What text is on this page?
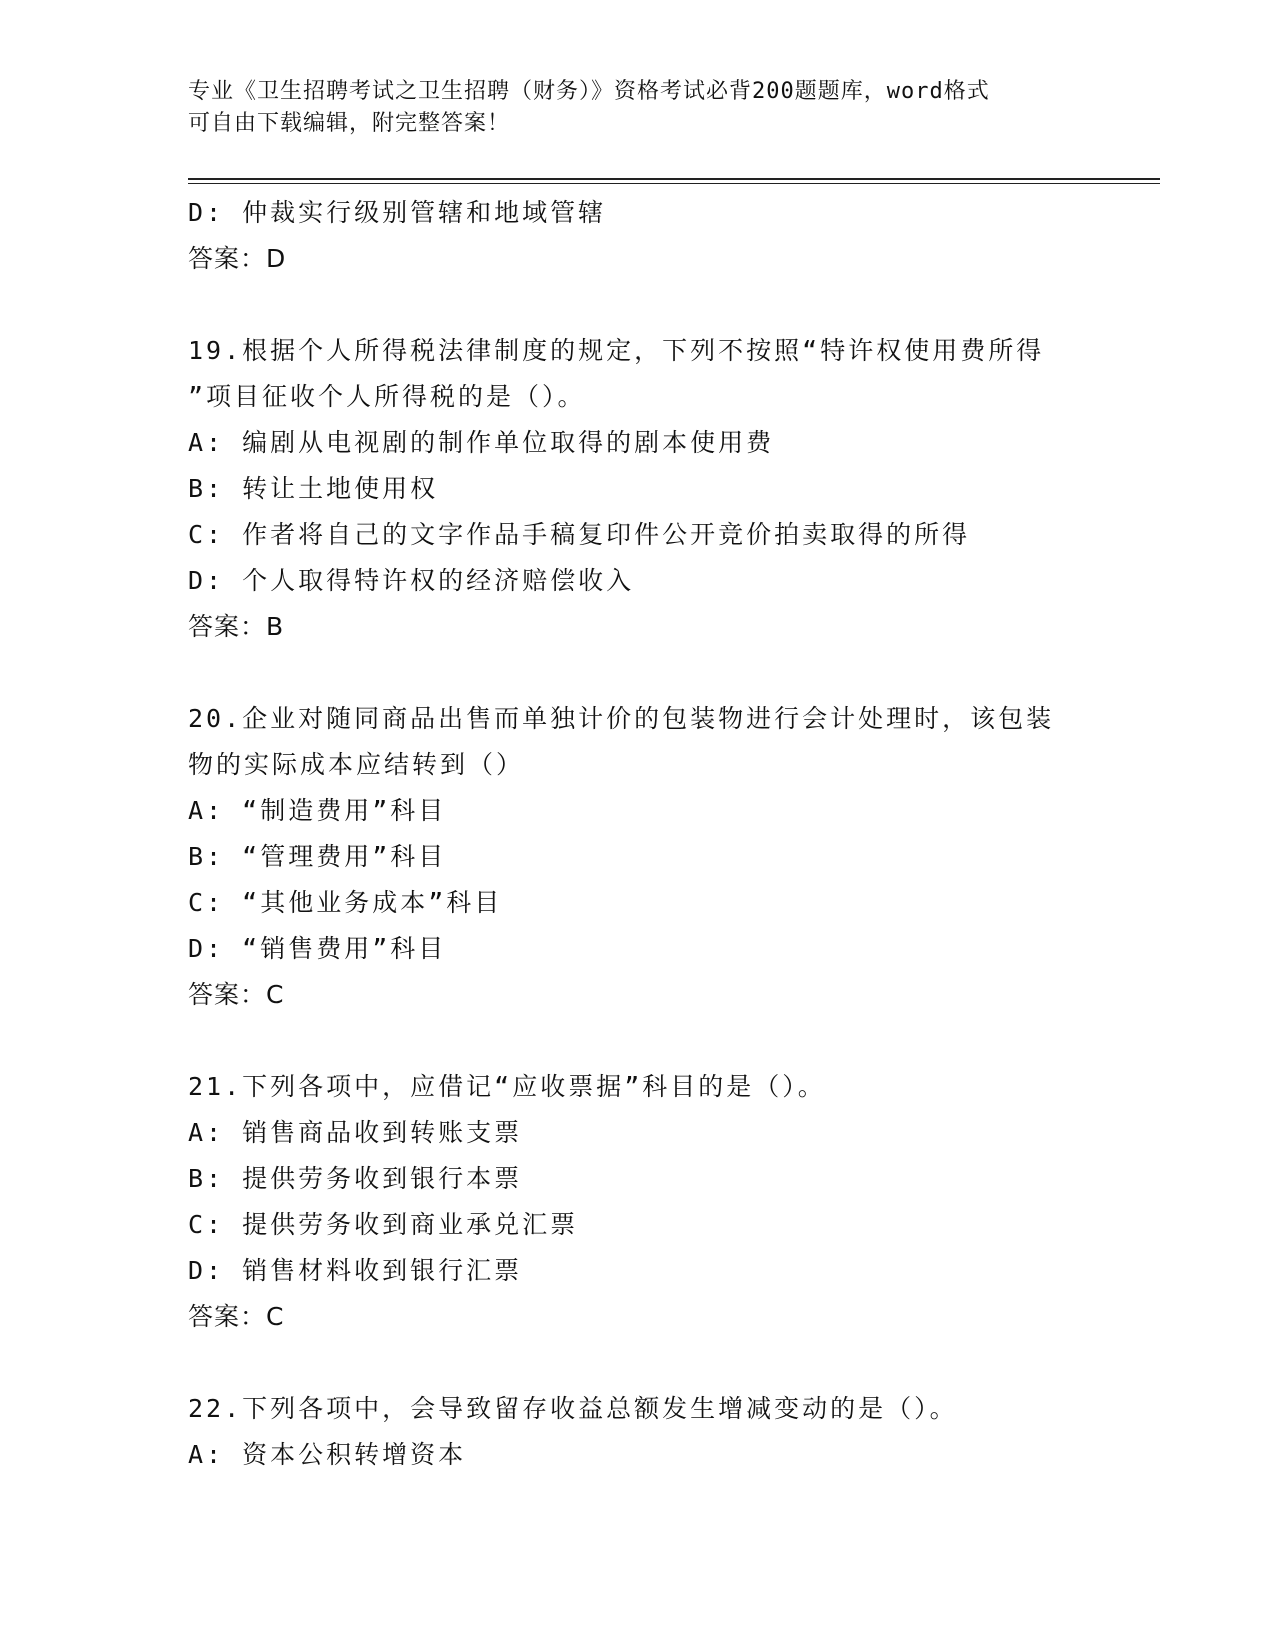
专业《卫生招聘考试之卫生招聘（财务）》资格考试必背200题题库，word格式
可自由下载编辑，附完整答案！
D: 仲裁实行级别管辖和地域管辖
答案：D
19.根据个人所得税法律制度的规定，下列不按照“特许权使用费所得
”项目征收个人所得税的是（）。
A: 编剧从电视剧的制作单位取得的剧本使用费
B: 转让土地使用权
C: 作者将自己的文字作品手稿复印件公开竞价拍卖取得的所得
D: 个人取得特许权的经济赔偿收入
答案：B
20.企业对随同商品出售而单独计价的包装物进行会计处理时，该包装
物的实际成本应结转到（）
A: “制造费用”科目
B: “管理费用”科目
C: “其他业务成本”科目
D: “销售费用”科目
答案：C
21.下列各项中，应借记“应收票据”科目的是（）。
A: 销售商品收到转账支票
B: 提供劳务收到银行本票
C: 提供劳务收到商业承兑汇票
D: 销售材料收到银行汇票
答案：C
22.下列各项中，会导致留存收益总额发生增减变动的是（）。
A: 资本公积转增资本
